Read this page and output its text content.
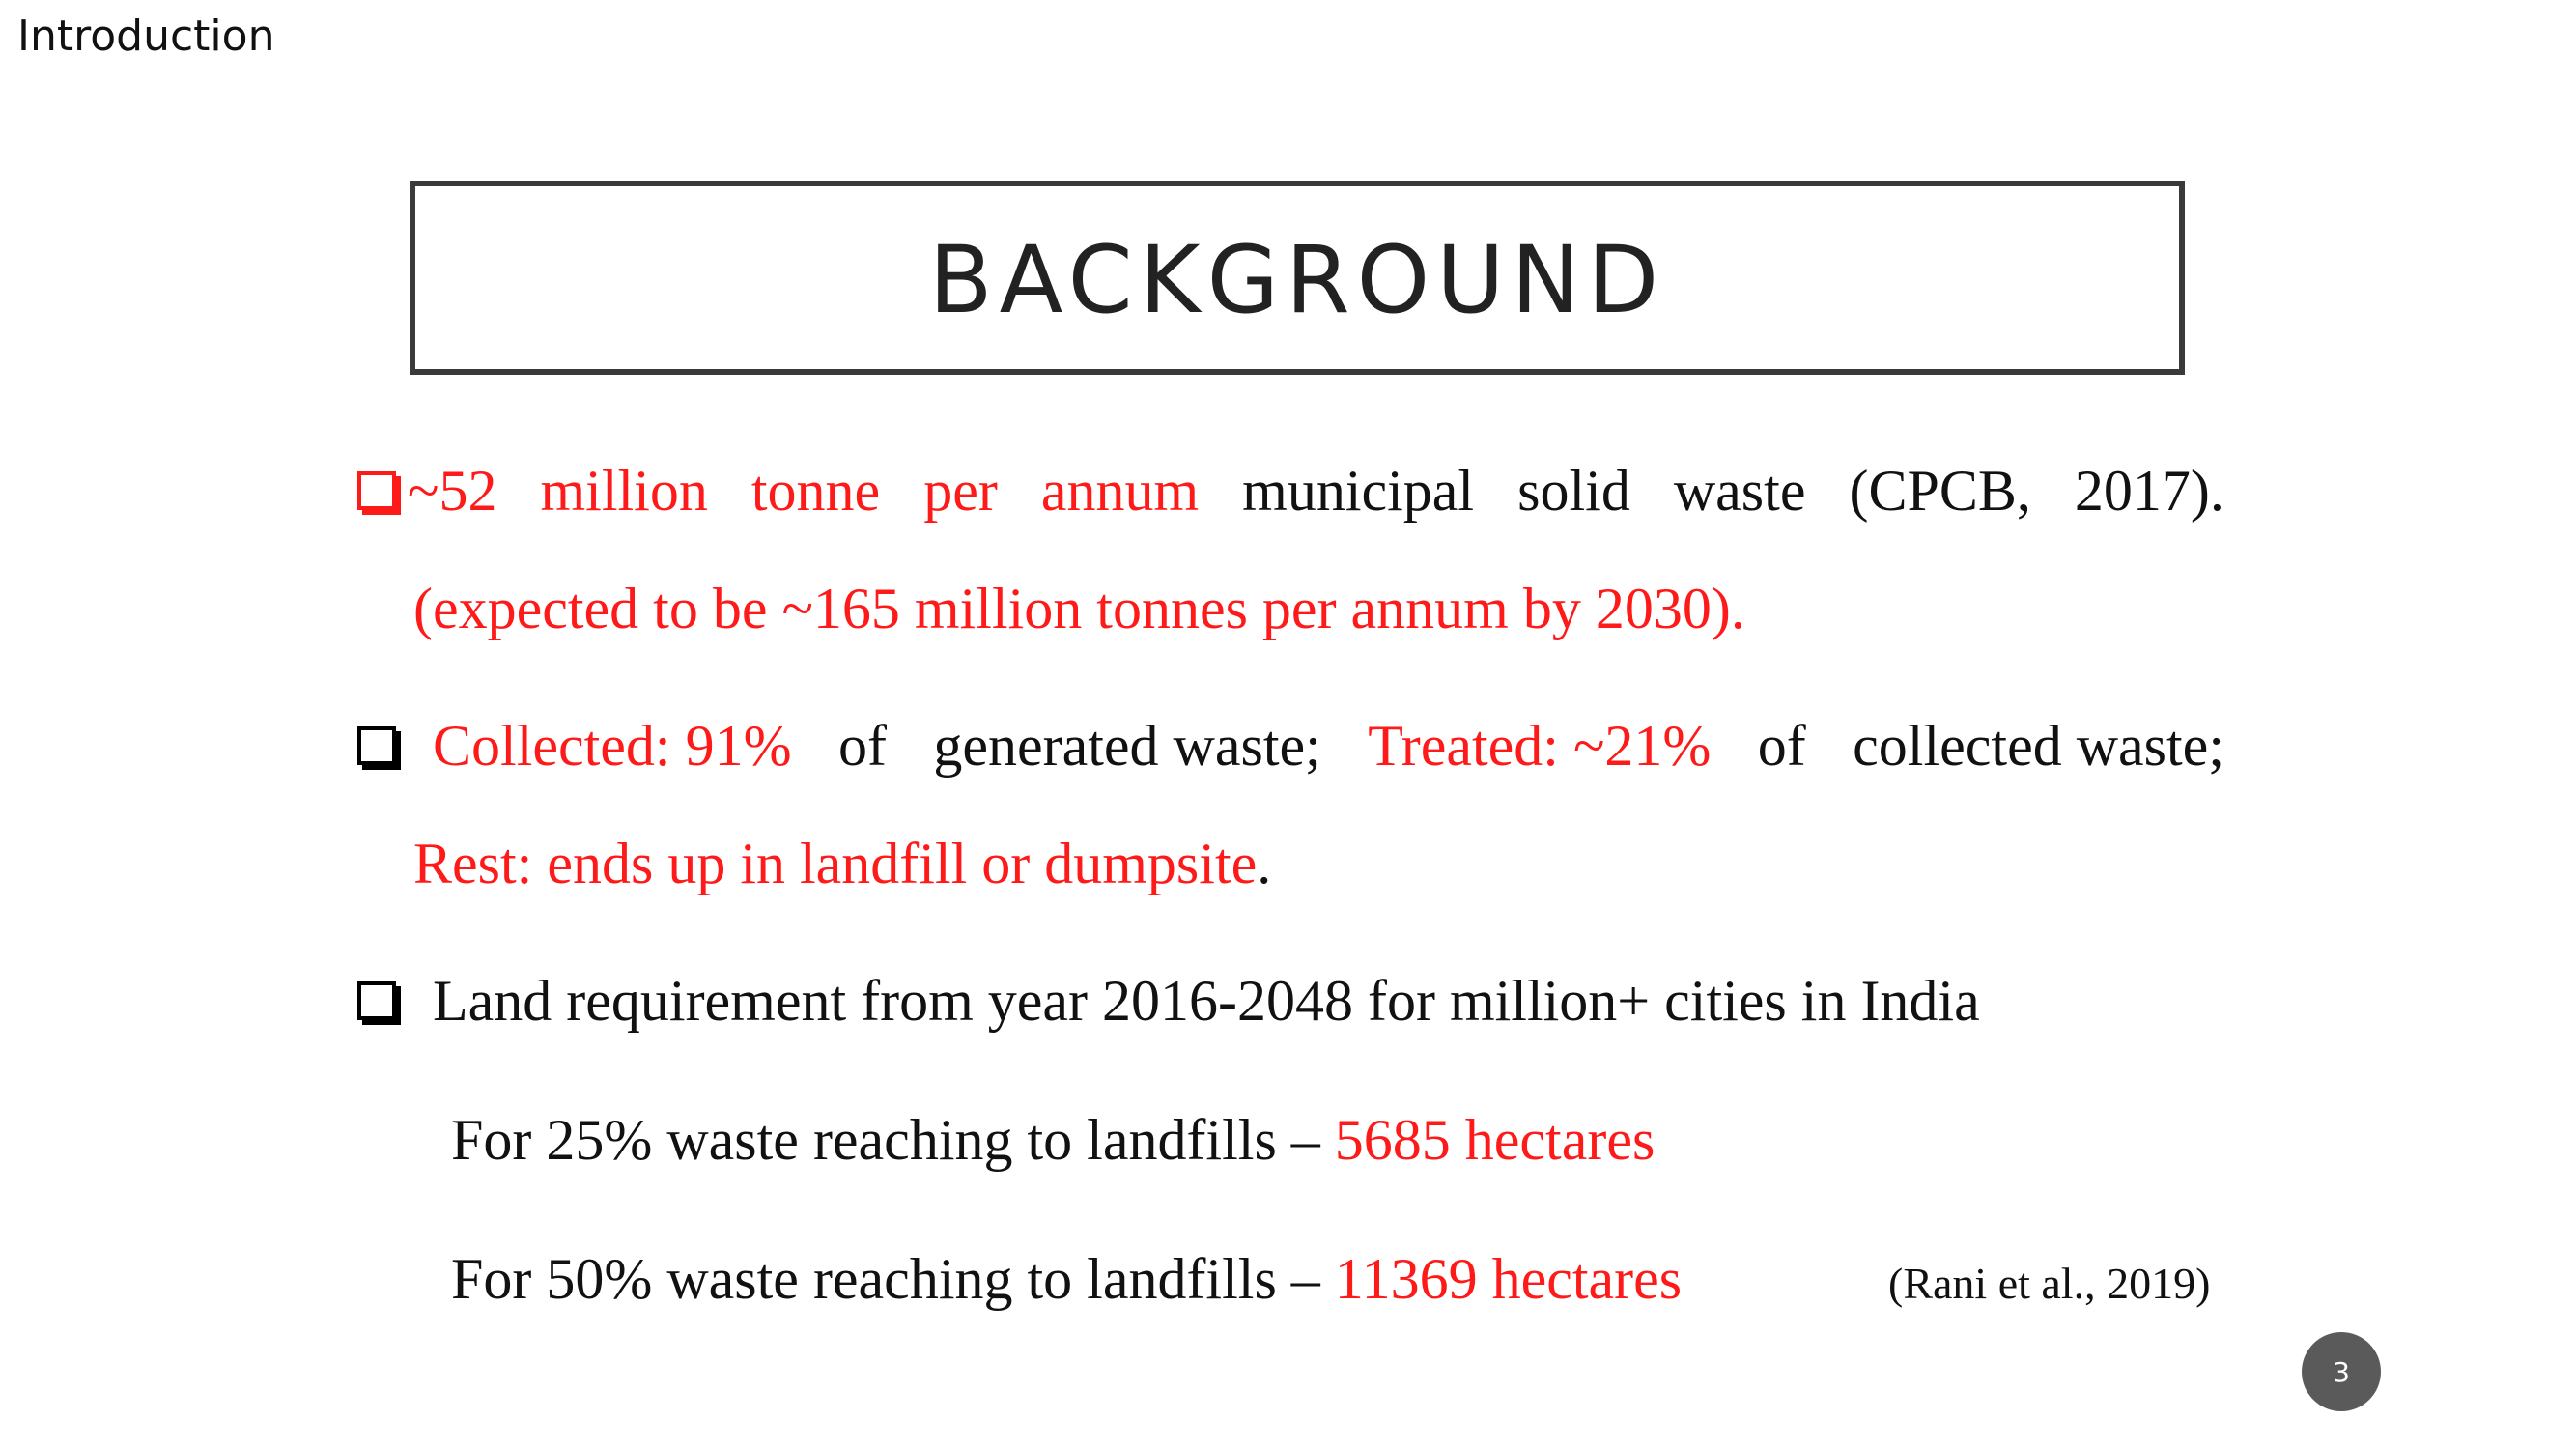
Introduction
BACKGROUND
~52 million tonne per annum municipal solid waste (CPCB, 2017).
(expected to be ~165 million tonnes per annum by 2030).
Collected: 91% of generated waste; Treated: ~21% of collected waste;
Rest: ends up in landfill or dumpsite.
Land requirement from year 2016-2048 for million+ cities in India
For 25% waste reaching to landfills – 5685 hectares
For 50% waste reaching to landfills – 11369 hectares	(Rani et al., 2019)
3
